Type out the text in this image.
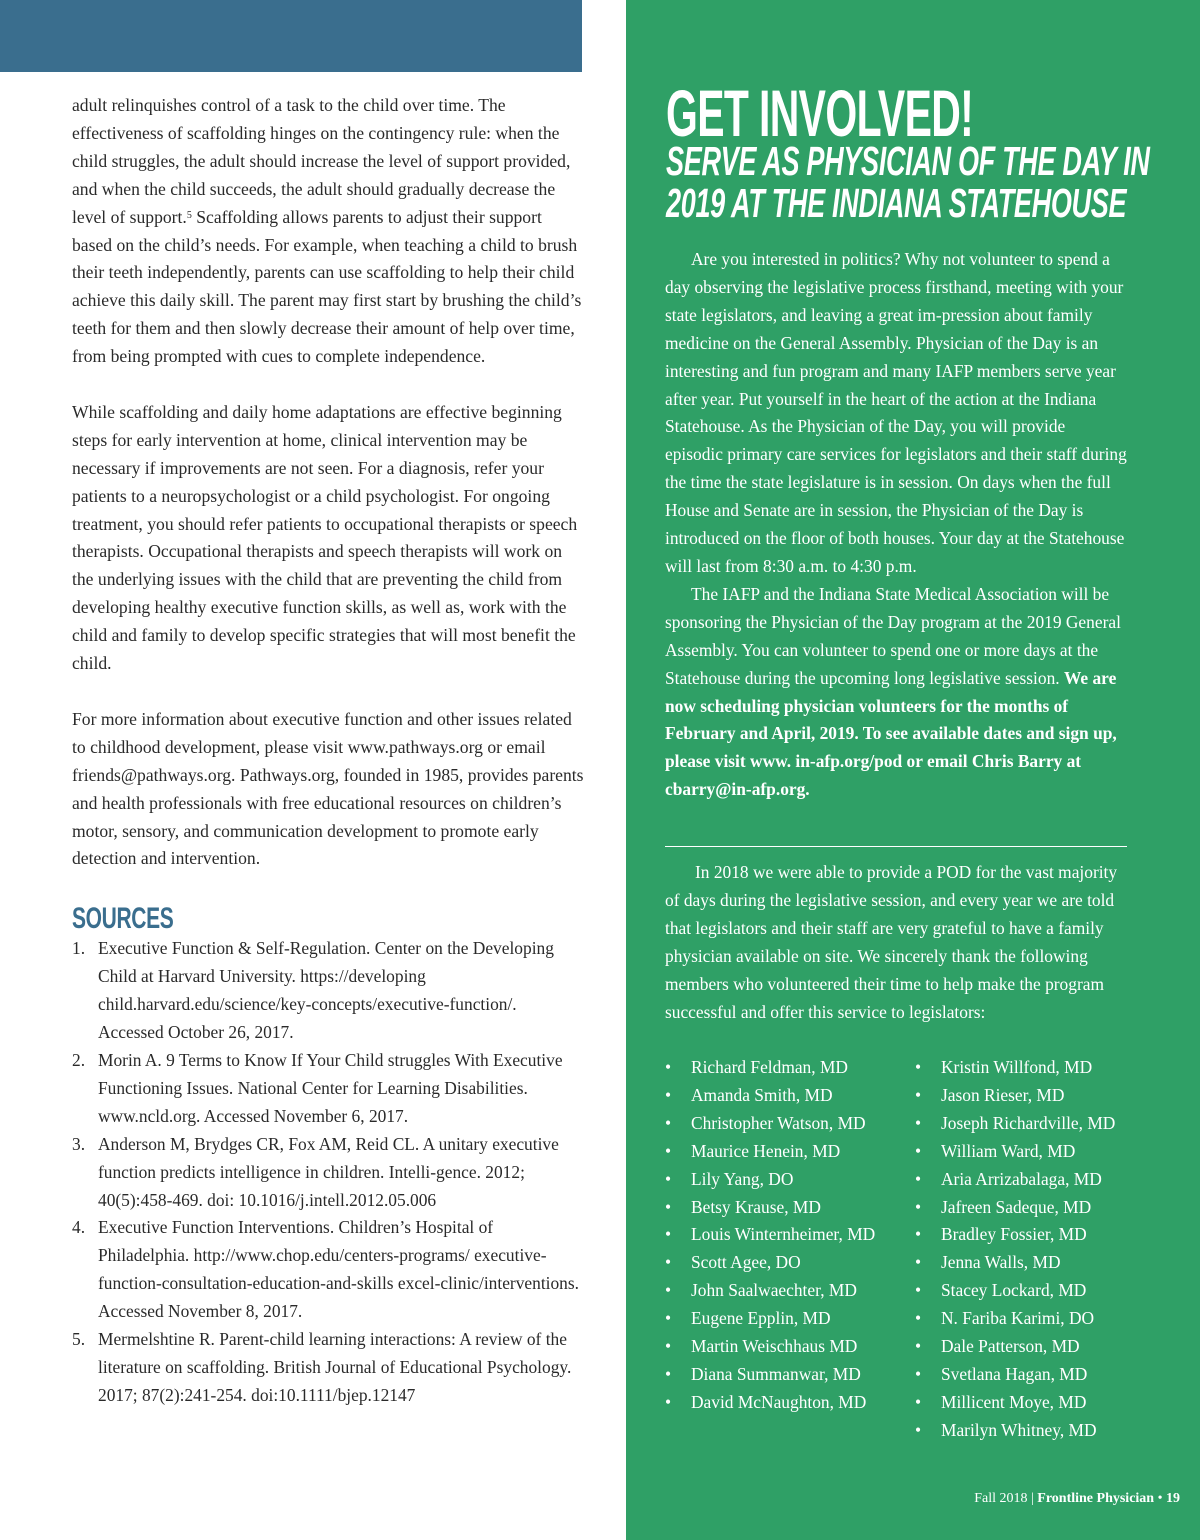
adult relinquishes control of a task to the child over time. The effectiveness of scaffolding hinges on the contingency rule: when the child struggles, the adult should increase the level of support provided, and when the child succeeds, the adult should gradually decrease the level of support.$^5$ Scaffolding allows parents to adjust their support based on the child’s needs. For example, when teaching a child to brush their teeth independently, parents can use scaffolding to help their child achieve this daily skill. The parent may first start by brushing the child’s teeth for them and then slowly decrease their amount of help over time, from being prompted with cues to complete independence.

While scaffolding and daily home adaptations are effective beginning steps for early intervention at home, clinical intervention may be necessary if improvements are not seen. For a diagnosis, refer your patients to a neuropsychologist or a child psychologist. For ongoing treatment, you should refer patients to occupational therapists or speech therapists. Occupational therapists and speech therapists will work on the underlying issues with the child that are preventing the child from developing healthy executive function skills, as well as, work with the child and family to develop specific strategies that will most benefit the child.

For more information about executive function and other issues related to childhood development, please visit www.pathways.org or email friends@pathways.org. Pathways.org, founded in 1985, provides parents and health professionals with free educational resources on children’s motor, sensory, and communication development to promote early detection and intervention.

SOURCES
1. Executive Function & Self-Regulation. Center on the Developing Child at Harvard University. https://developing child.harvard.edu/science/key-concepts/executive-function/. Accessed October 26, 2017.
2. Morin A. 9 Terms to Know If Your Child struggles With Executive Functioning Issues. National Center for Learning Disabilities. www.ncld.org. Accessed November 6, 2017.
3. Anderson M, Brydges CR, Fox AM, Reid CL. A unitary executive function predicts intelligence in children. Intelli-gence. 2012; 40(5):458-469. doi: 10.1016/j.intell.2012.05.006
4. Executive Function Interventions. Children’s Hospital of Philadelphia. http://www.chop.edu/centers-programs/ executive-function-consultation-education-and-skills excel-clinic/interventions. Accessed November 8, 2017.
5. Mermelshtine R. Parent-child learning interactions: A review of the literature on scaffolding. British Journal of Educational Psychology. 2017; 87(2):241-254. doi:10.1111/bjep.12147
GET INVOLVED!
SERVE AS PHYSICIAN OF THE DAY IN
2019 AT THE INDIANA STATEHOUSE

Are you interested in politics? Why not volunteer to spend a day observing the legislative process firsthand, meeting with your state legislators, and leaving a great im-pression about family medicine on the General Assembly. Physician of the Day is an interesting and fun program and many IAFP members serve year after year. Put yourself in the heart of the action at the Indiana Statehouse. As the Physician of the Day, you will provide episodic primary care services for legislators and their staff during the time the state legislature is in session. On days when the full House and Senate are in session, the Physician of the Day is introduced on the floor of both houses. Your day at the Statehouse will last from 8:30 a.m. to 4:30 p.m.

The IAFP and the Indiana State Medical Association will be sponsoring the Physician of the Day program at the 2019 General Assembly. You can volunteer to spend one or more days at the Statehouse during the upcoming long legislative session. We are now scheduling physician volunteers for the months of February and April, 2019. To see available dates and sign up, please visit www. in-afp.org/pod or email Chris Barry at cbarry@in-afp.org.

In 2018 we were able to provide a POD for the vast majority of days during the legislative session, and every year we are told that legislators and their staff are very grateful to have a family physician available on site. We sincerely thank the following members who volunteered their time to help make the program successful and offer this service to legislators:

•	Richard Feldman, MD
•	Amanda Smith, MD
•	Christopher Watson, MD
•	Maurice Henein, MD
•	Lily Yang, DO
•	Betsy Krause, MD
•	Louis Winternheimer, MD
•	Scott Agee, DO
•	John Saalwaechter, MD
•	Eugene Epplin, MD
•	Martin Weischhaus MD
•	Diana Summanwar, MD
•	David McNaughton, MD
•	Kristin Willfond, MD
•	Jason Rieser, MD
•	Joseph Richardville, MD
•	William Ward, MD
•	Aria Arrizabalaga, MD
•	Jafreen Sadeque, MD
•	Bradley Fossier, MD
•	Jenna Walls, MD
•	Stacey Lockard, MD
•	N. Fariba Karimi, DO
•	Dale Patterson, MD
•	Svetlana Hagan, MD
•	Millicent Moye, MD
•	Marilyn Whitney, MD
Fall 2018 | Frontline Physician • 19
